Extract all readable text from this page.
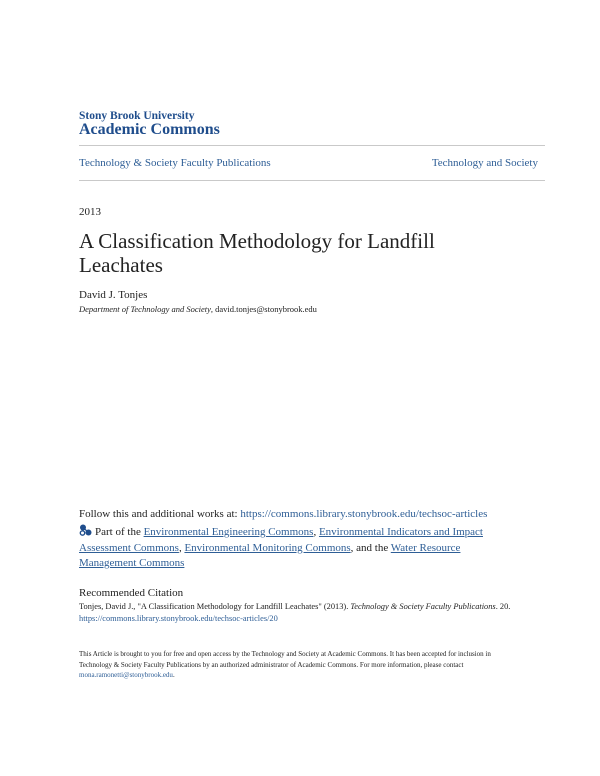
Stony Brook University
Academic Commons
Technology & Society Faculty Publications	Technology and Society
2013
A Classification Methodology for Landfill Leachates
David J. Tonjes
Department of Technology and Society, david.tonjes@stonybrook.edu
Follow this and additional works at: https://commons.library.stonybrook.edu/techsoc-articles
Part of the Environmental Engineering Commons, Environmental Indicators and Impact Assessment Commons, Environmental Monitoring Commons, and the Water Resource Management Commons
Recommended Citation
Tonjes, David J., "A Classification Methodology for Landfill Leachates" (2013). Technology & Society Faculty Publications. 20.
https://commons.library.stonybrook.edu/techsoc-articles/20
This Article is brought to you for free and open access by the Technology and Society at Academic Commons. It has been accepted for inclusion in Technology & Society Faculty Publications by an authorized administrator of Academic Commons. For more information, please contact mona.ramonetti@stonybrook.edu.
